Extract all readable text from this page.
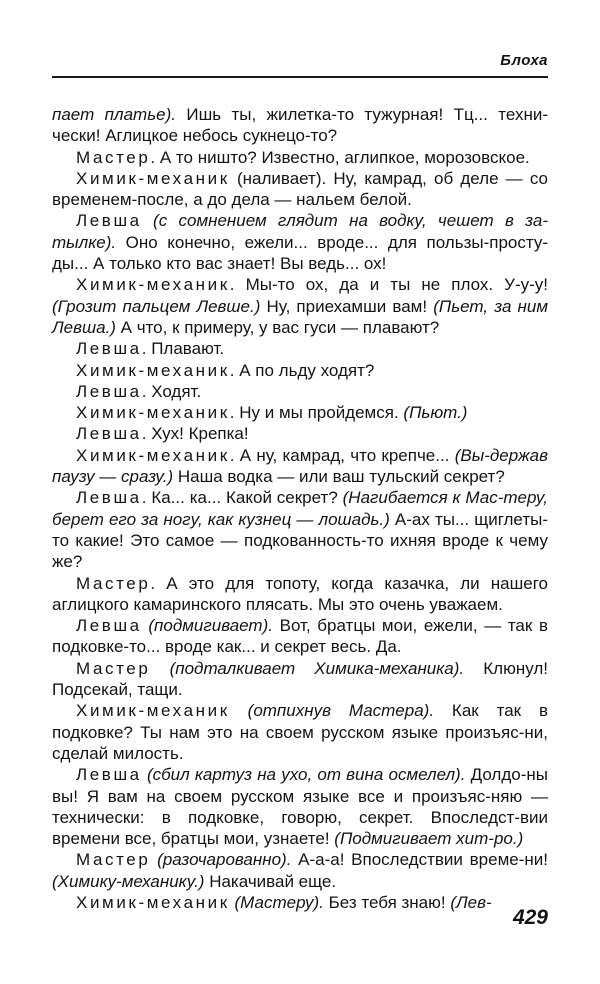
Блоха

пает платье). Ишь ты, жилетка-то тужурная! Тц... техни-чески! Аглицкое небось сукнецо-то?

Мастер. А то ништо? Известно, аглипкое, морозовское.

Химик-механик (наливает). Ну, камрад, об деле — со временем-после, а до дела — нальем белой.

Левша (с сомнением глядит на водку, чешет в за-тылке). Оно конечно, ежели... вроде... для пользы-просту-ды... А только кто вас знает! Вы ведь... ох!

Химик-механик. Мы-то ох, да и ты не плох. У-у-у! (Грозит пальцем Левше.) Ну, приехамши вам! (Пьет, за ним Левша.) А что, к примеру, у вас гуси — плавают?

Левша. Плавают.

Химик-механик. А по льду ходят?

Левша. Ходят.

Химик-механик. Ну и мы пройдемся. (Пьют.)

Левша. Хух! Крепка!

Химик-механик. А ну, камрад, что крепче... (Вы-держав паузу — сразу.) Наша водка — или ваш тульский секрет?

Левша. Ка... ка... Какой секрет? (Нагибается к Мас-теру, берет его за ногу, как кузнец — лошадь.) А-ах ты... щиглеты-то какие! Это самое — подкованность-то ихняя вроде к чему же?

Мастер. А это для топоту, когда казачка, ли нашего аглицкого камаринского плясать. Мы это очень уважаем.

Левша (подмигивает). Вот, братцы мои, ежели, — так в подковке-то... вроде как... и секрет весь. Да.

Мастер (подталкивает Химика-механика). Клюнул! Подсекай, тащи.

Химик-механик (отпихнув Мастера). Как так в подковке? Ты нам это на своем русском языке произъяс-ни, сделай милость.

Левша (сбил картуз на ухо, от вина осмелел). Долдо-ны вы! Я вам на своем русском языке все и произъяс-няю — технически: в подковке, говорю, секрет. Впоследст-вии времени все, братцы мои, узнаете! (Подмигивает хит-ро.)

Мастер (разочарованно). А-а-а! Впоследствии време-ни! (Химику-механику.) Накачивай еще.

Химик-механик (Мастеру). Без тебя знаю! (Лев-

429
